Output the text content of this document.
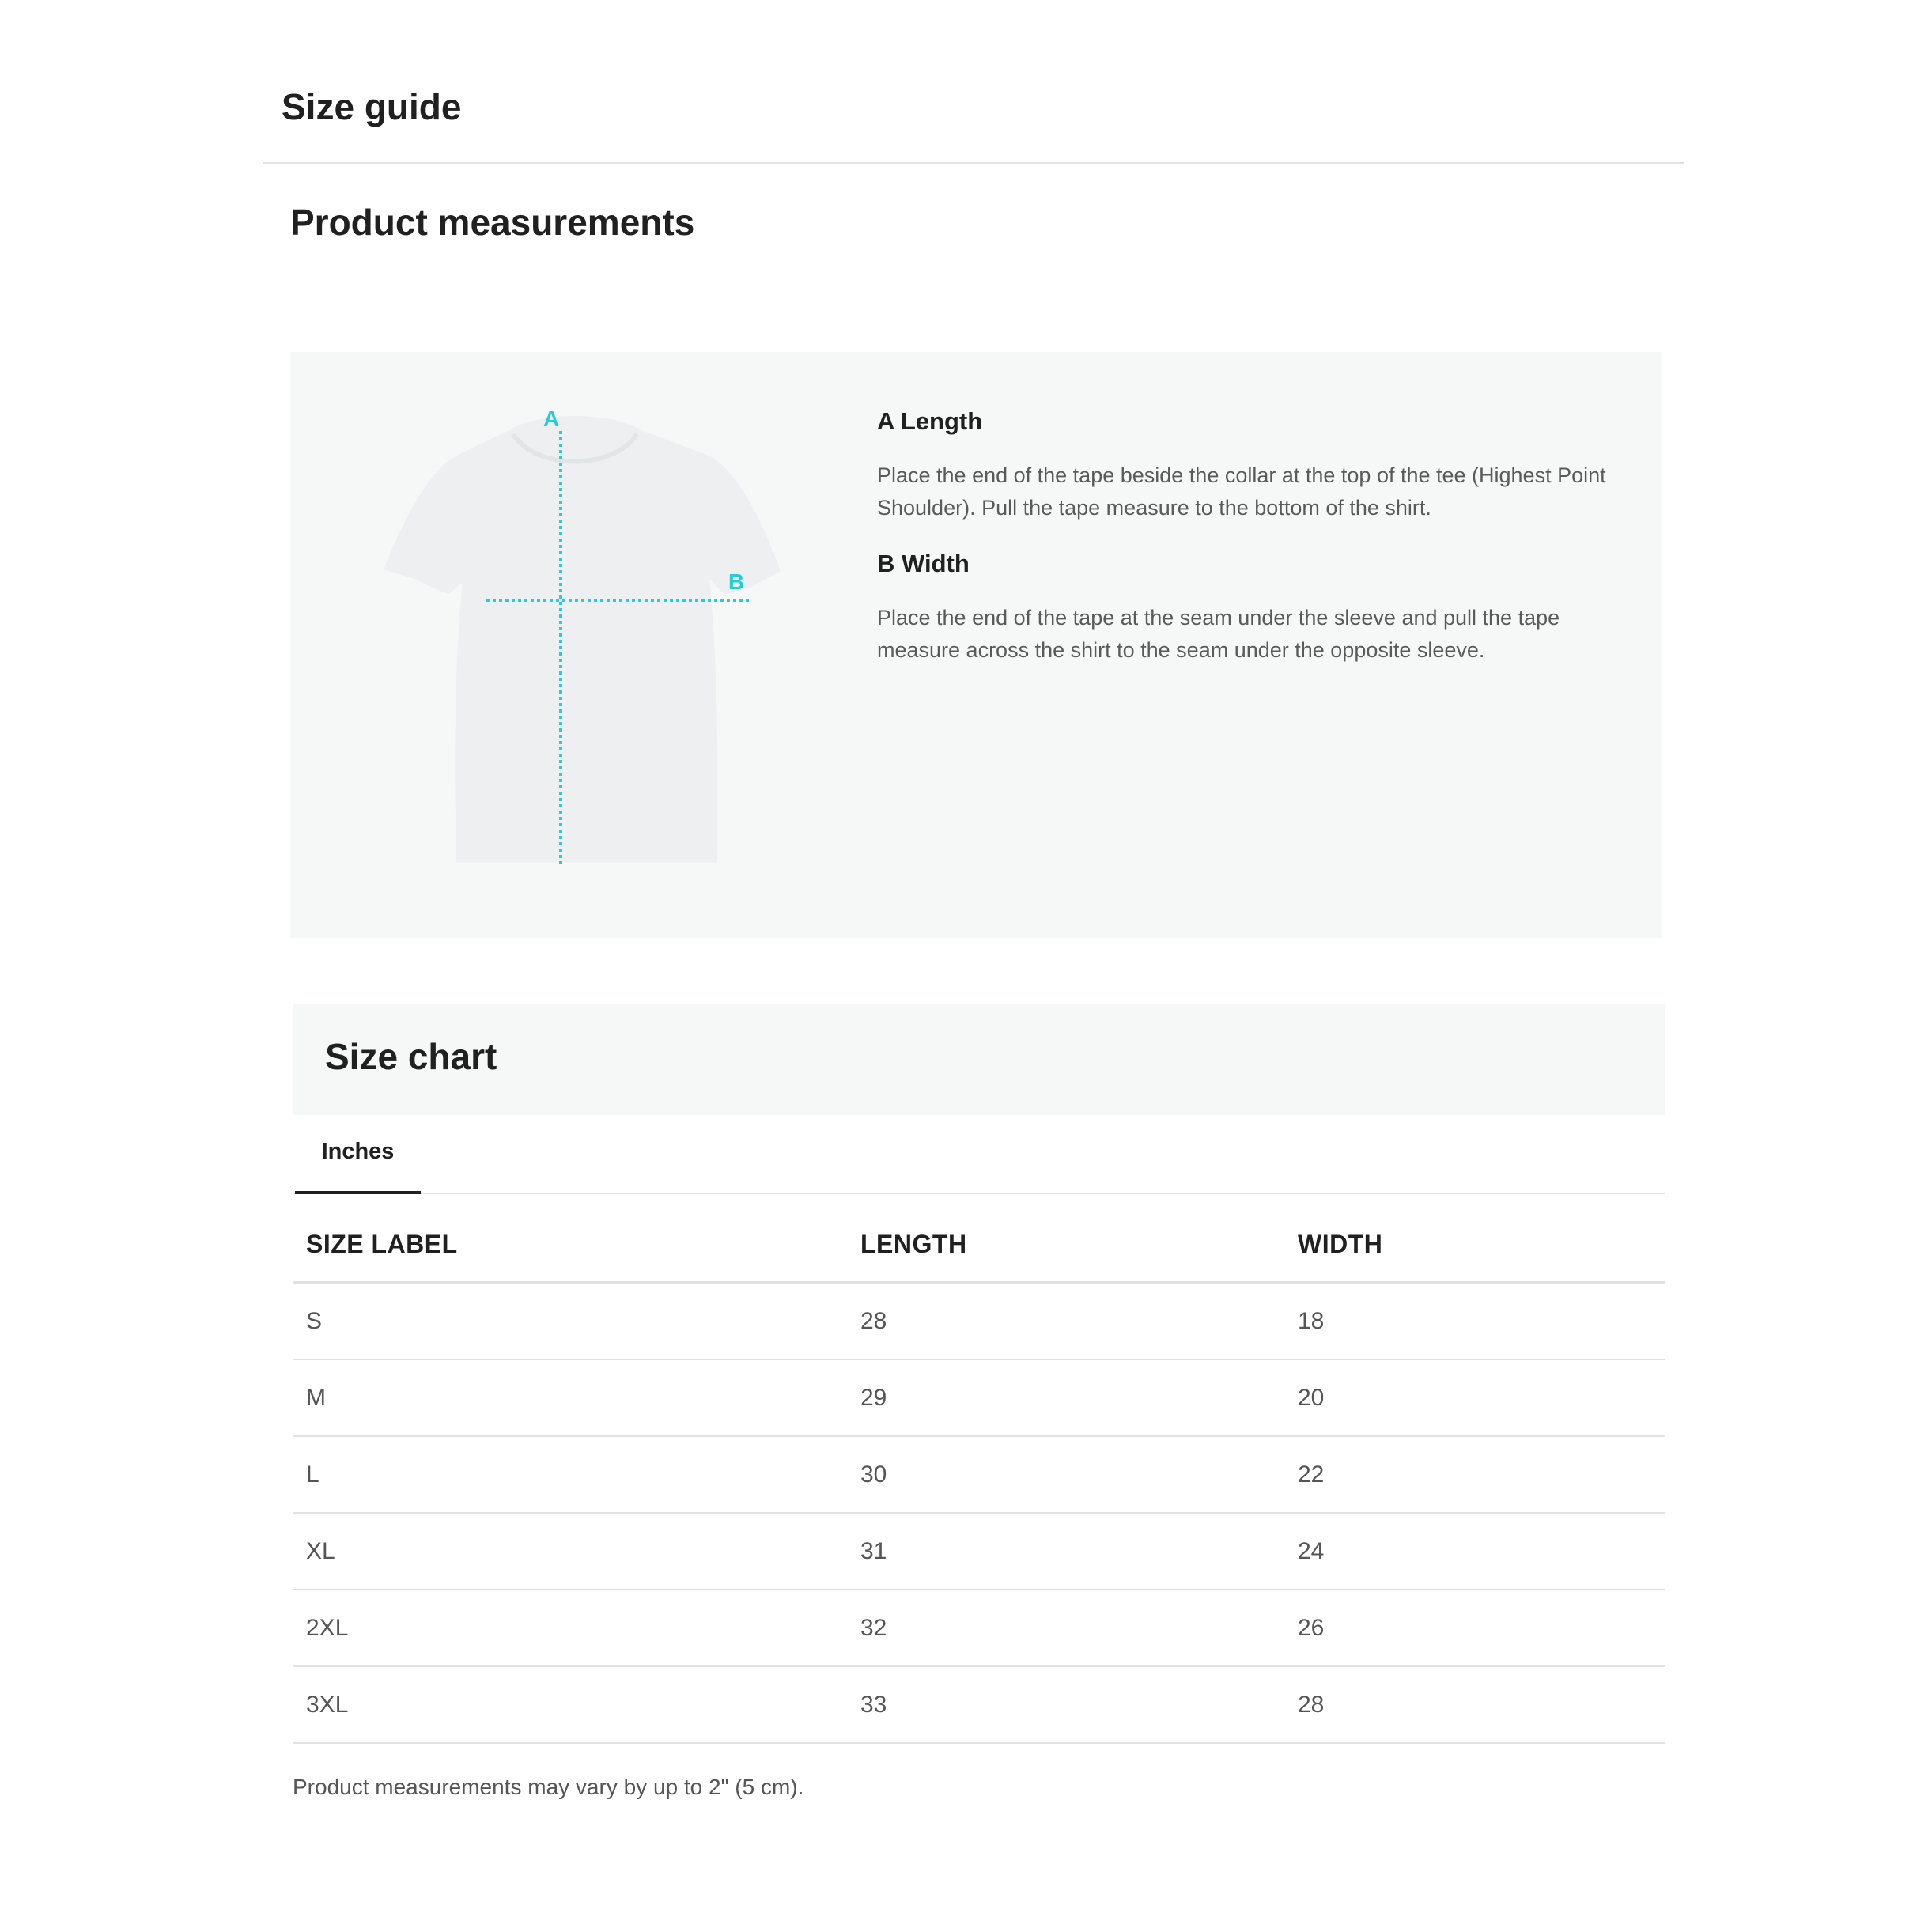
Size guide
Product measurements
A
B
A Length

Place the end of the tape beside the collar at the top of the tee (Highest Point Shoulder). Pull the tape measure to the bottom of the shirt.

B Width

Place the end of the tape at the seam under the sleeve and pull the tape measure across the shirt to the seam under the opposite sleeve.

Size chart
Inches
SIZE LABEL	LENGTH	WIDTH
S	28	18
M	29	20
L	30	22
XL	31	24
2XL	32	26
3XL	33	28

Product measurements may vary by up to 2" (5 cm).
